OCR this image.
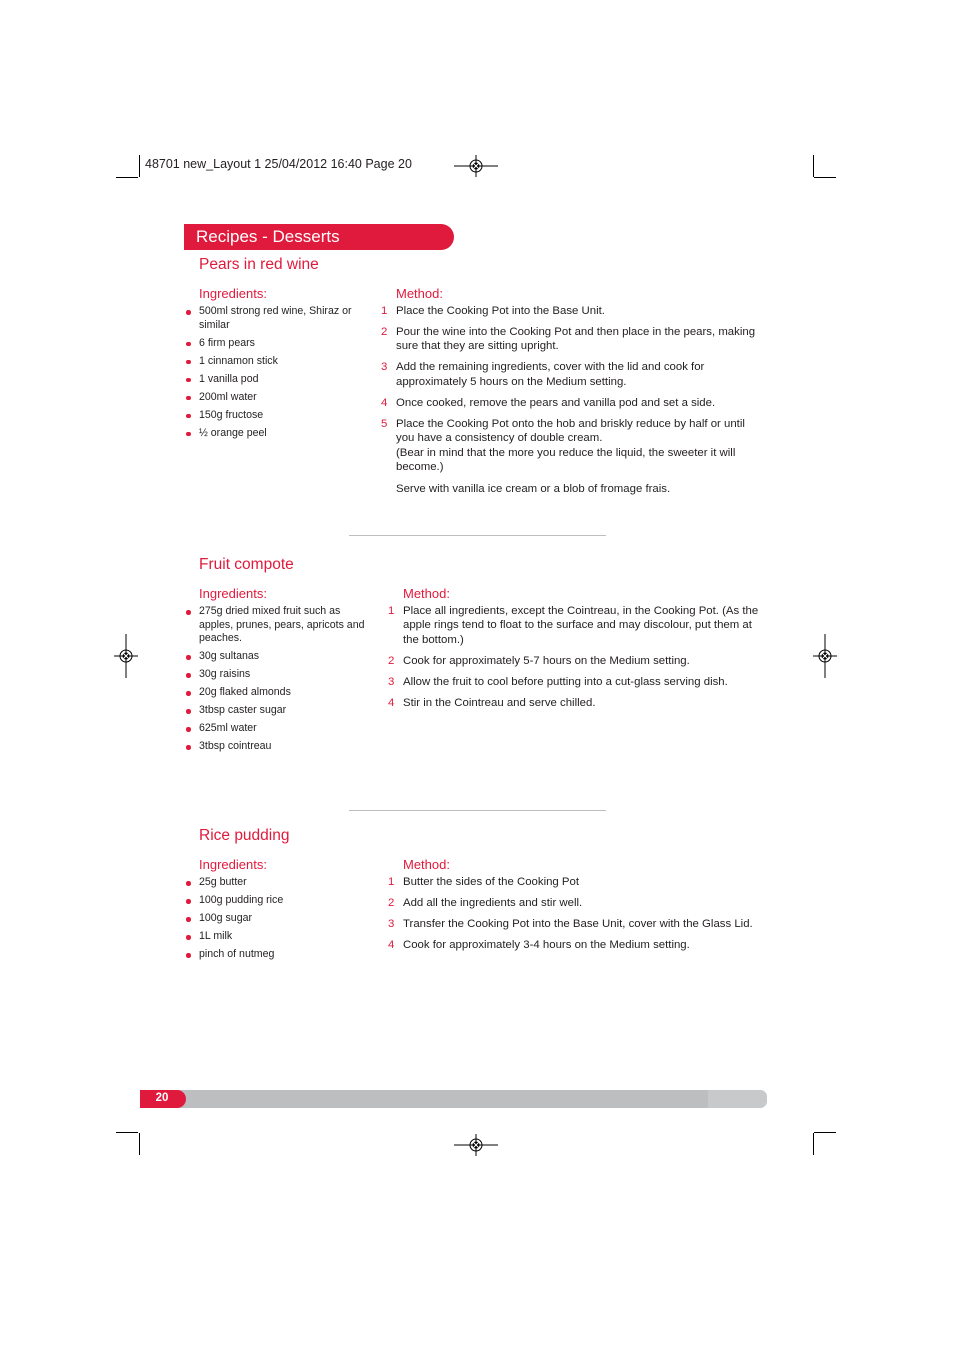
48701 new_Layout 1 25/04/2012 16:40 Page 20
Recipes - Desserts
Pears in red wine
Ingredients:
500ml strong red wine, Shiraz or similar
6 firm pears
1 cinnamon stick
1 vanilla pod
200ml water
150g fructose
½ orange peel
Method:
1 Place the Cooking Pot into the Base Unit.
2 Pour the wine into the Cooking Pot and then place in the pears, making sure that they are sitting upright.
3 Add the remaining ingredients, cover with the lid and cook for approximately 5 hours on the Medium setting.
4 Once cooked, remove the pears and vanilla pod and set a side.
5 Place the Cooking Pot onto the hob and briskly reduce by half or until you have a consistency of double cream.
(Bear in mind that the more you reduce the liquid, the sweeter it will become.)
Serve with vanilla ice cream or a blob of fromage frais.
Fruit compote
Ingredients:
275g dried mixed fruit such as apples, prunes, pears, apricots and peaches.
30g sultanas
30g raisins
20g flaked almonds
3tbsp caster sugar
625ml water
3tbsp cointreau
Method:
1 Place all ingredients, except the Cointreau, in the Cooking Pot. (As the apple rings tend to float to the surface and may discolour, put them at the bottom.)
2 Cook for approximately 5-7 hours on the Medium setting.
3 Allow the fruit to cool before putting into a cut-glass serving dish.
4 Stir in the Cointreau and serve chilled.
Rice pudding
Ingredients:
25g butter
100g pudding rice
100g sugar
1L milk
pinch of nutmeg
Method:
1 Butter the sides of the Cooking Pot
2 Add all the ingredients and stir well.
3 Transfer the Cooking Pot into the Base Unit, cover with the Glass Lid.
4 Cook for approximately 3-4 hours on the Medium setting.
20
